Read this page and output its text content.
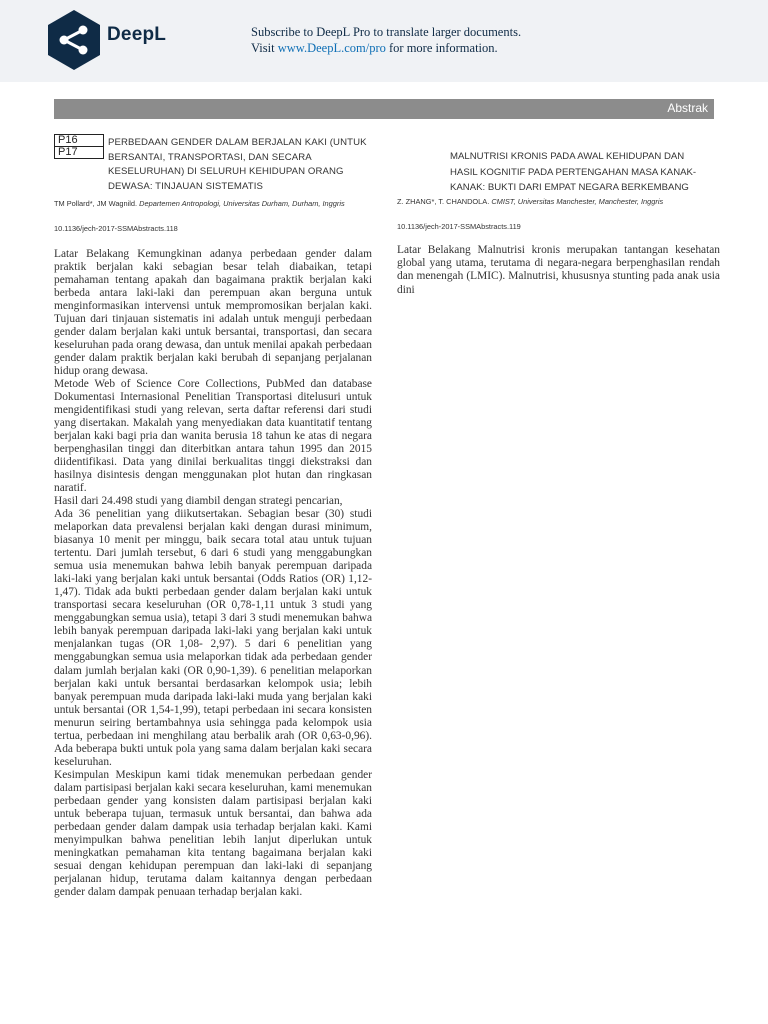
DeepL	Subscribe to DeepL Pro to translate larger documents.
Visit www.DeepL.com/pro for more information.
Abstrak
P16
P17
PERBEDAAN GENDER DALAM BERJALAN KAKI (UNTUK BERSANTAI, TRANSPORTASI, DAN SECARA KESELURUHAN) DI SELURUH KEHIDUPAN ORANG DEWASA: TINJAUAN SISTEMATIS
TM Pollard*, JM Wagnild. Departemen Antropologi, Universitas Durham, Durham, Inggris
10.1136/jech-2017-SSMAbstracts.118
MALNUTRISI KRONIS PADA AWAL KEHIDUPAN DAN HASIL KOGNITIF PADA PERTENGAHAN MASA KANAK-KANAK: BUKTI DARI EMPAT NEGARA BERKEMBANG
Z. ZHANG*, T. CHANDOLA. CMIST, Universitas Manchester, Manchester, Inggris
10.1136/jech-2017-SSMAbstracts.119

Latar Belakang Kemungkinan adanya perbedaan gender dalam praktik berjalan kaki sebagian besar telah diabaikan, tetapi pemahaman tentang apakah dan bagaimana praktik berjalan kaki berbeda antara laki-laki dan perempuan akan berguna untuk menginformasikan intervensi untuk mempromosikan berjalan kaki. Tujuan dari tinjauan sistematis ini adalah untuk menguji perbedaan gender dalam berjalan kaki untuk bersantai, transportasi, dan secara keseluruhan pada orang dewasa, dan untuk menilai apakah perbedaan gender dalam praktik berjalan kaki berubah di sepanjang perjalanan hidup orang dewasa.

Metode Web of Science Core Collections, PubMed dan database Dokumentasi Internasional Penelitian Transportasi ditelusuri untuk mengidentifikasi studi yang relevan, serta daftar referensi dari studi yang disertakan. Makalah yang menyediakan data kuantitatif tentang berjalan kaki bagi pria dan wanita berusia 18 tahun ke atas di negara berpenghasilan tinggi dan diterbitkan antara tahun 1995 dan 2015 diidentifikasi. Data yang dinilai berkualitas tinggi diekstraksi dan hasilnya disintesis dengan menggunakan plot hutan dan ringkasan naratif.

Hasil dari 24.498 studi yang diambil dengan strategi pencarian,

Ada 36 penelitian yang diikutsertakan. Sebagian besar (30) studi melaporkan data prevalensi berjalan kaki dengan durasi minimum, biasanya 10 menit per minggu, baik secara total atau untuk tujuan tertentu. Dari jumlah tersebut, 6 dari 6 studi yang menggabungkan semua usia menemukan bahwa lebih banyak perempuan daripada laki-laki yang berjalan kaki untuk bersantai (Odds Ratios (OR) 1,12-1,47). Tidak ada bukti perbedaan gender dalam berjalan kaki untuk transportasi secara keseluruhan (OR 0,78-1,11 untuk 3 studi yang menggabungkan semua usia), tetapi 3 dari 3 studi menemukan bahwa lebih banyak perempuan daripada laki-laki yang berjalan kaki untuk menjalankan tugas (OR 1,08- 2,97). 5 dari 6 penelitian yang menggabungkan semua usia melaporkan tidak ada perbedaan gender dalam jumlah berjalan kaki (OR 0,90-1,39). 6 penelitian melaporkan berjalan kaki untuk bersantai berdasarkan kelompok usia; lebih banyak perempuan muda daripada laki-laki muda yang berjalan kaki untuk bersantai (OR 1,54-1,99), tetapi perbedaan ini secara konsisten menurun seiring bertambahnya usia sehingga pada kelompok usia tertua, perbedaan ini menghilang atau berbalik arah (OR 0,63-0,96). Ada beberapa bukti untuk pola yang sama dalam berjalan kaki secara keseluruhan.

Kesimpulan Meskipun kami tidak menemukan perbedaan gender dalam partisipasi berjalan kaki secara keseluruhan, kami menemukan perbedaan gender yang konsisten dalam partisipasi berjalan kaki untuk beberapa tujuan, termasuk untuk bersantai, dan bahwa ada perbedaan gender dalam dampak usia terhadap berjalan kaki. Kami menyimpulkan bahwa penelitian lebih lanjut diperlukan untuk meningkatkan pemahaman kita tentang bagaimana berjalan kaki sesuai dengan kehidupan perempuan dan laki-laki di sepanjang perjalanan hidup, terutama dalam kaitannya dengan perbedaan gender dalam dampak penuaan terhadap berjalan kaki.

Latar Belakang Malnutrisi kronis merupakan tantangan kesehatan global yang utama, terutama di negara-negara berpenghasilan rendah dan menengah (LMIC). Malnutrisi, khususnya stunting pada anak usia dini
